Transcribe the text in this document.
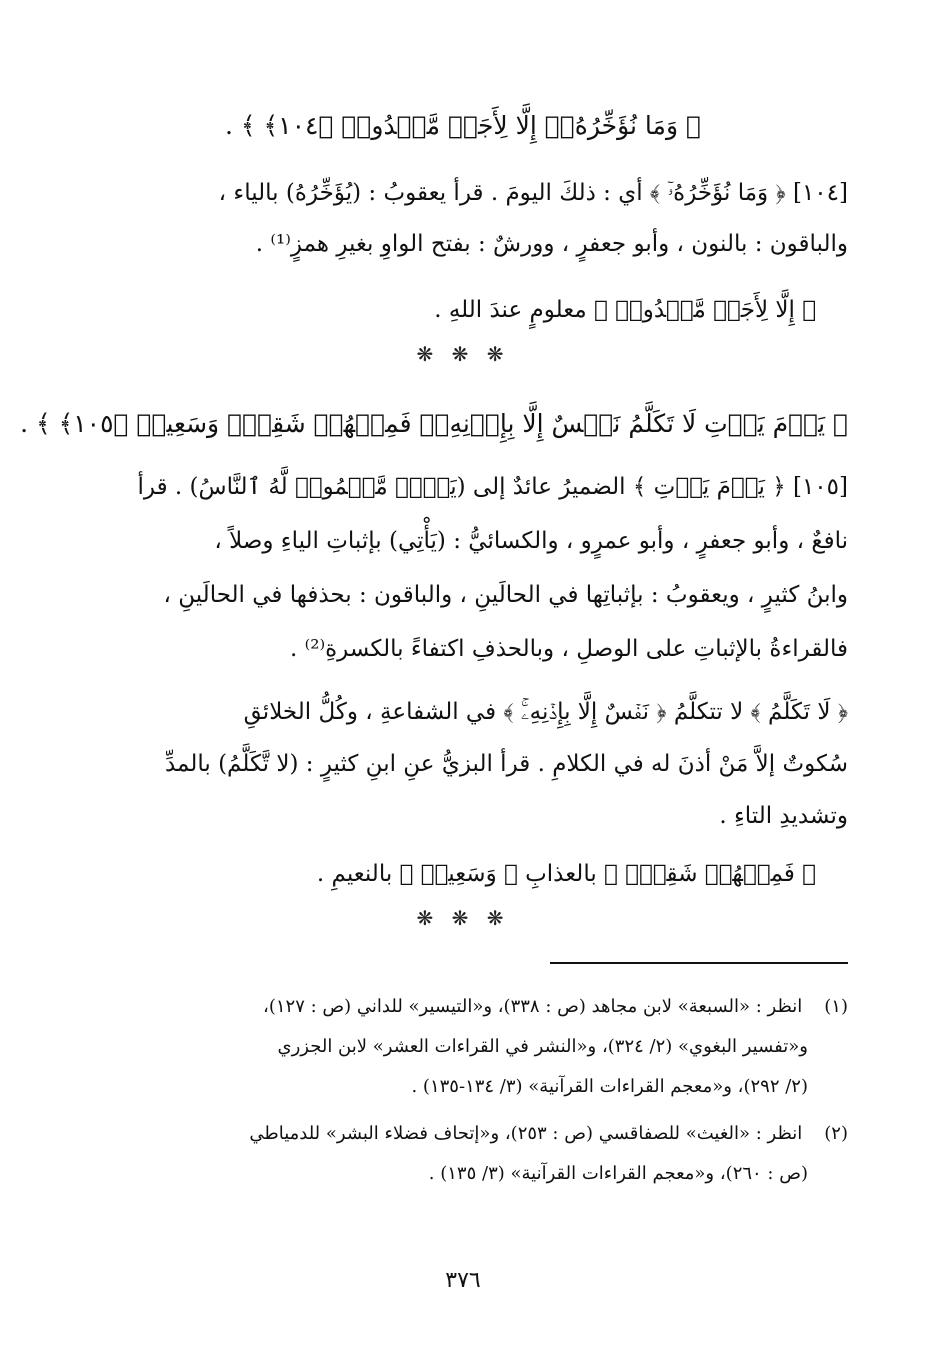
﴿ وَمَا نُؤَخِّرُهُۥٓ إِلَّا لِأَجَلٖ مَّعۡدُودٖ ﴿١٠٤﴾ ﴾ .
[١٠٤] ﴿ وَمَا نُؤَخِّرُهُۥٓ ﴾ أي : ذلكَ اليومَ . قرأ يعقوبُ : (يُؤَخِّرُهُ) بالياء ،
والباقون : بالنون ، وأبو جعفرٍ ، وورشٌ : بفتح الواوِ بغيرِ همزٍ⁽¹⁾ .
﴿ إِلَّا لِأَجَلٖ مَّعۡدُودٖ ﴾ معلومٍ عندَ اللهِ .
❋ ❋ ❋
﴿ يَوۡمَ يَأۡتِ لَا تَكَلَّمُ نَفۡسٌ إِلَّا بِإِذۡنِهِۦۚ فَمِنۡهُمۡ شَقِيّٞ وَسَعِيدٞ ﴿١٠٥﴾ ﴾ .
[١٠٥] ﴿ يَوۡمَ يَأۡتِ ﴾ الضميرُ عائدٌ إلى (يَوۡمٞ مَّجۡمُوعٞ لَّهُ ٱلنَّاسُ) . قرأ
نافعٌ ، وأبو جعفرٍ ، وأبو عمرٍو ، والكسائيُّ : (يَأْتِي) بإثباتِ الياءِ وصلاً ،
وابنُ كثيرٍ ، ويعقوبُ : بإثباتِها في الحالَينِ ، والباقون : بحذفها في الحالَينِ ،
فالقراءةُ بالإثباتِ على الوصلِ ، وبالحذفِ اكتفاءً بالكسرةِ⁽²⁾ .
﴿ لَا تَكَلَّمُ ﴾ لا تتكلَّمُ ﴿ نَفۡسٌ إِلَّا بِإِذۡنِهِۦۚ ﴾ في الشفاعةِ ، وكُلُّ الخلائقِ
سُكوتٌ إلاَّ مَنْ أذنَ له في الكلامِ . قرأ البزيُّ عنِ ابنِ كثيرٍ : (لا تَّكَلَّمُ) بالمدِّ
وتشديدِ التاءِ .
﴿ فَمِنۡهُمۡ شَقِيّٞ ﴾ بالعذابِ ﴿ وَسَعِيدٞ ﴾ بالنعيمِ .
❋ ❋ ❋
(١) انظر : «السبعة» لابن مجاهد (ص : ٣٣٨)، و«التيسير» للداني (ص : ١٢٧)،
و«تفسير البغوي» (٢/ ٣٢٤)، و«النشر في القراءات العشر» لابن الجزري
(٢/ ٢٩٢)، و«معجم القراءات القرآنية» (٣/ ١٣٤-١٣٥) .
(٢) انظر : «الغيث» للصفاقسي (ص : ٢٥٣)، و«إتحاف فضلاء البشر» للدمياطي
(ص : ٢٦٠)، و«معجم القراءات القرآنية» (٣/ ١٣٥) .
٣٧٦
